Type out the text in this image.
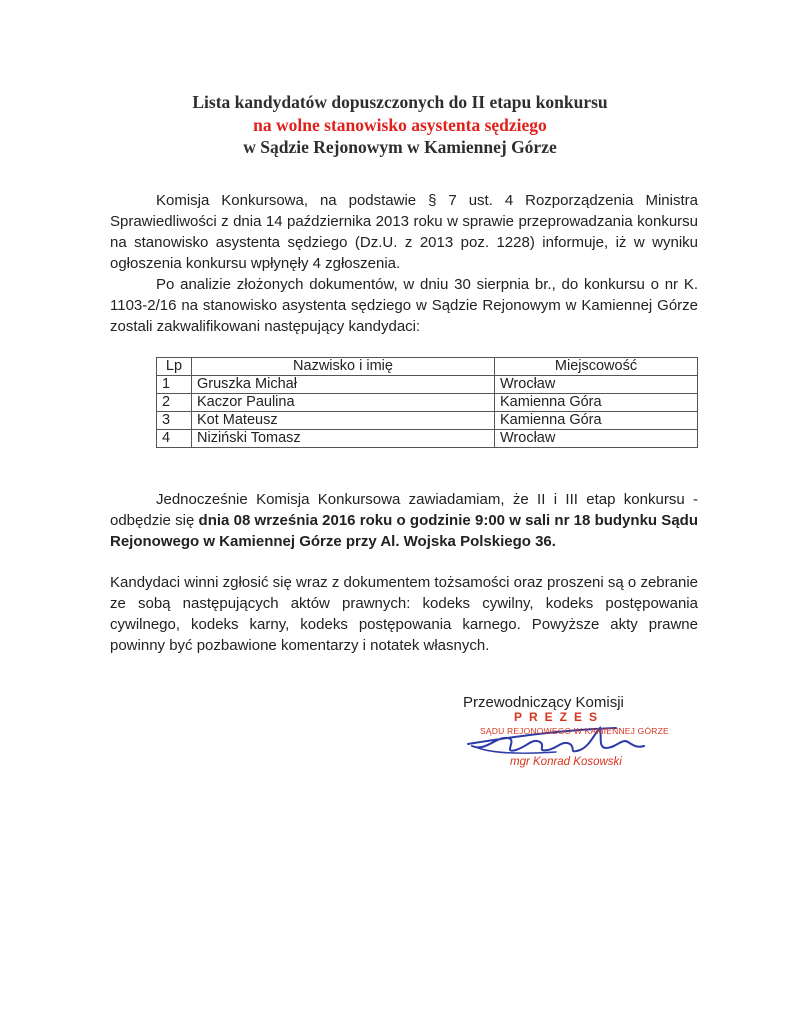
Lista kandydatów dopuszczonych do II etapu konkursu
na wolne stanowisko asystenta sędziego
w Sądzie Rejonowym w Kamiennej Górze

Komisja Konkursowa, na podstawie § 7 ust. 4 Rozporządzenia Ministra Sprawiedliwości z dnia 14 października 2013 roku w sprawie przeprowadzania konkursu na stanowisko asystenta sędziego (Dz.U. z 2013 poz. 1228) informuje, iż w wyniku ogłoszenia konkursu wpłynęły 4 zgłoszenia.

Po analizie złożonych dokumentów, w dniu 30 sierpnia br., do konkursu o nr K. 1103-2/16 na stanowisko asystenta sędziego w Sądzie Rejonowym w Kamiennej Górze zostali zakwalifikowani następujący kandydaci:

Lp	Nazwisko i imię	Miejscowość
1	Gruszka Michał	Wrocław
2	Kaczor Paulina	Kamienna Góra
3	Kot Mateusz	Kamienna Góra
4	Niziński Tomasz	Wrocław

Jednocześnie Komisja Konkursowa zawiadamiam, że II i III etap konkursu - odbędzie się dnia 08 września 2016 roku o godzinie 9:00 w sali nr 18 budynku Sądu Rejonowego w Kamiennej Górze przy Al. Wojska Polskiego 36.

Kandydaci winni zgłosić się wraz z dokumentem tożsamości oraz proszeni są o zebranie ze sobą następujących aktów prawnych: kodeks cywilny, kodeks postępowania cywilnego, kodeks karny, kodeks postępowania karnego. Powyższe akty prawne powinny być pozbawione komentarzy i notatek własnych.

Przewodniczący Komisji
PREZES
SĄDU REJONOWEGO W KAMIENNEJ GÓRZE
mgr Konrad Kosowski
